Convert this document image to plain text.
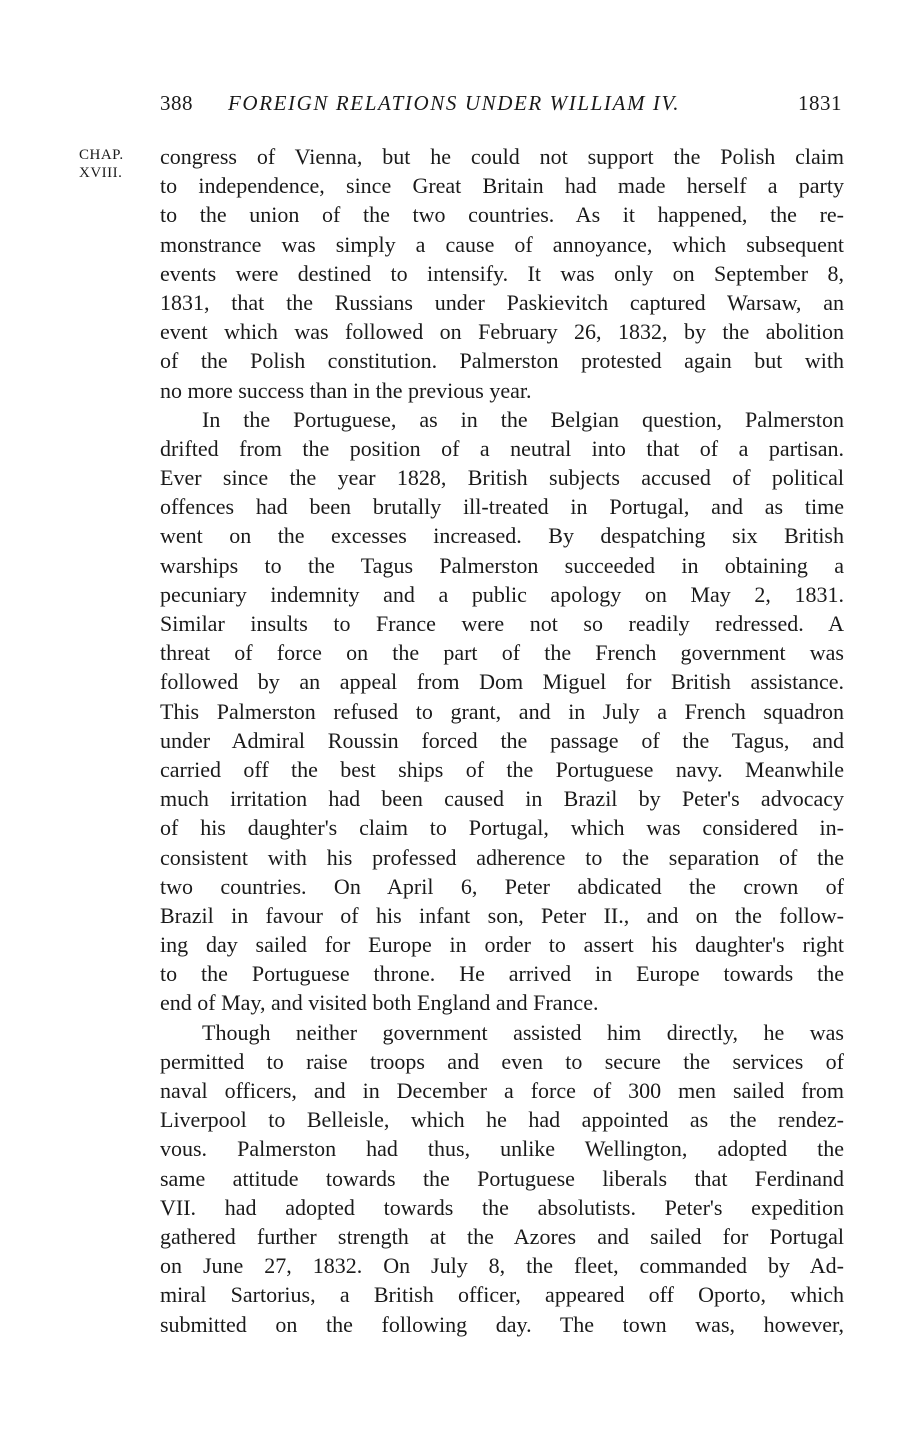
388 FOREIGN RELATIONS UNDER WILLIAM IV.	1831
CHAP.
XVIII.
congress of Vienna, but he could not support the Polish claim
to independence, since Great Britain had made herself a party
to the union of the two countries. As it happened, the re-
monstrance was simply a cause of annoyance, which subsequent
events were destined to intensify. It was only on September 8,
1831, that the Russians under Paskievitch captured Warsaw, an
event which was followed on February 26, 1832, by the abolition
of the Polish constitution. Palmerston protested again but with
no more success than in the previous year.
In the Portuguese, as in the Belgian question, Palmerston
drifted from the position of a neutral into that of a partisan.
Ever since the year 1828, British subjects accused of political
offences had been brutally ill-treated in Portugal, and as time
went on the excesses increased. By despatching six British
warships to the Tagus Palmerston succeeded in obtaining a
pecuniary indemnity and a public apology on May 2, 1831.
Similar insults to France were not so readily redressed. A
threat of force on the part of the French government was
followed by an appeal from Dom Miguel for British assistance.
This Palmerston refused to grant, and in July a French squadron
under Admiral Roussin forced the passage of the Tagus, and
carried off the best ships of the Portuguese navy. Meanwhile
much irritation had been caused in Brazil by Peter's advocacy
of his daughter's claim to Portugal, which was considered in-
consistent with his professed adherence to the separation of the
two countries. On April 6, Peter abdicated the crown of
Brazil in favour of his infant son, Peter II., and on the follow-
ing day sailed for Europe in order to assert his daughter's right
to the Portuguese throne. He arrived in Europe towards the
end of May, and visited both England and France.
Though neither government assisted him directly, he was
permitted to raise troops and even to secure the services of
naval officers, and in December a force of 300 men sailed from
Liverpool to Belleisle, which he had appointed as the rendez-
vous. Palmerston had thus, unlike Wellington, adopted the
same attitude towards the Portuguese liberals that Ferdinand
VII. had adopted towards the absolutists. Peter's expedition
gathered further strength at the Azores and sailed for Portugal
on June 27, 1832. On July 8, the fleet, commanded by Ad-
miral Sartorius, a British officer, appeared off Oporto, which
submitted on the following day. The town was, however,
